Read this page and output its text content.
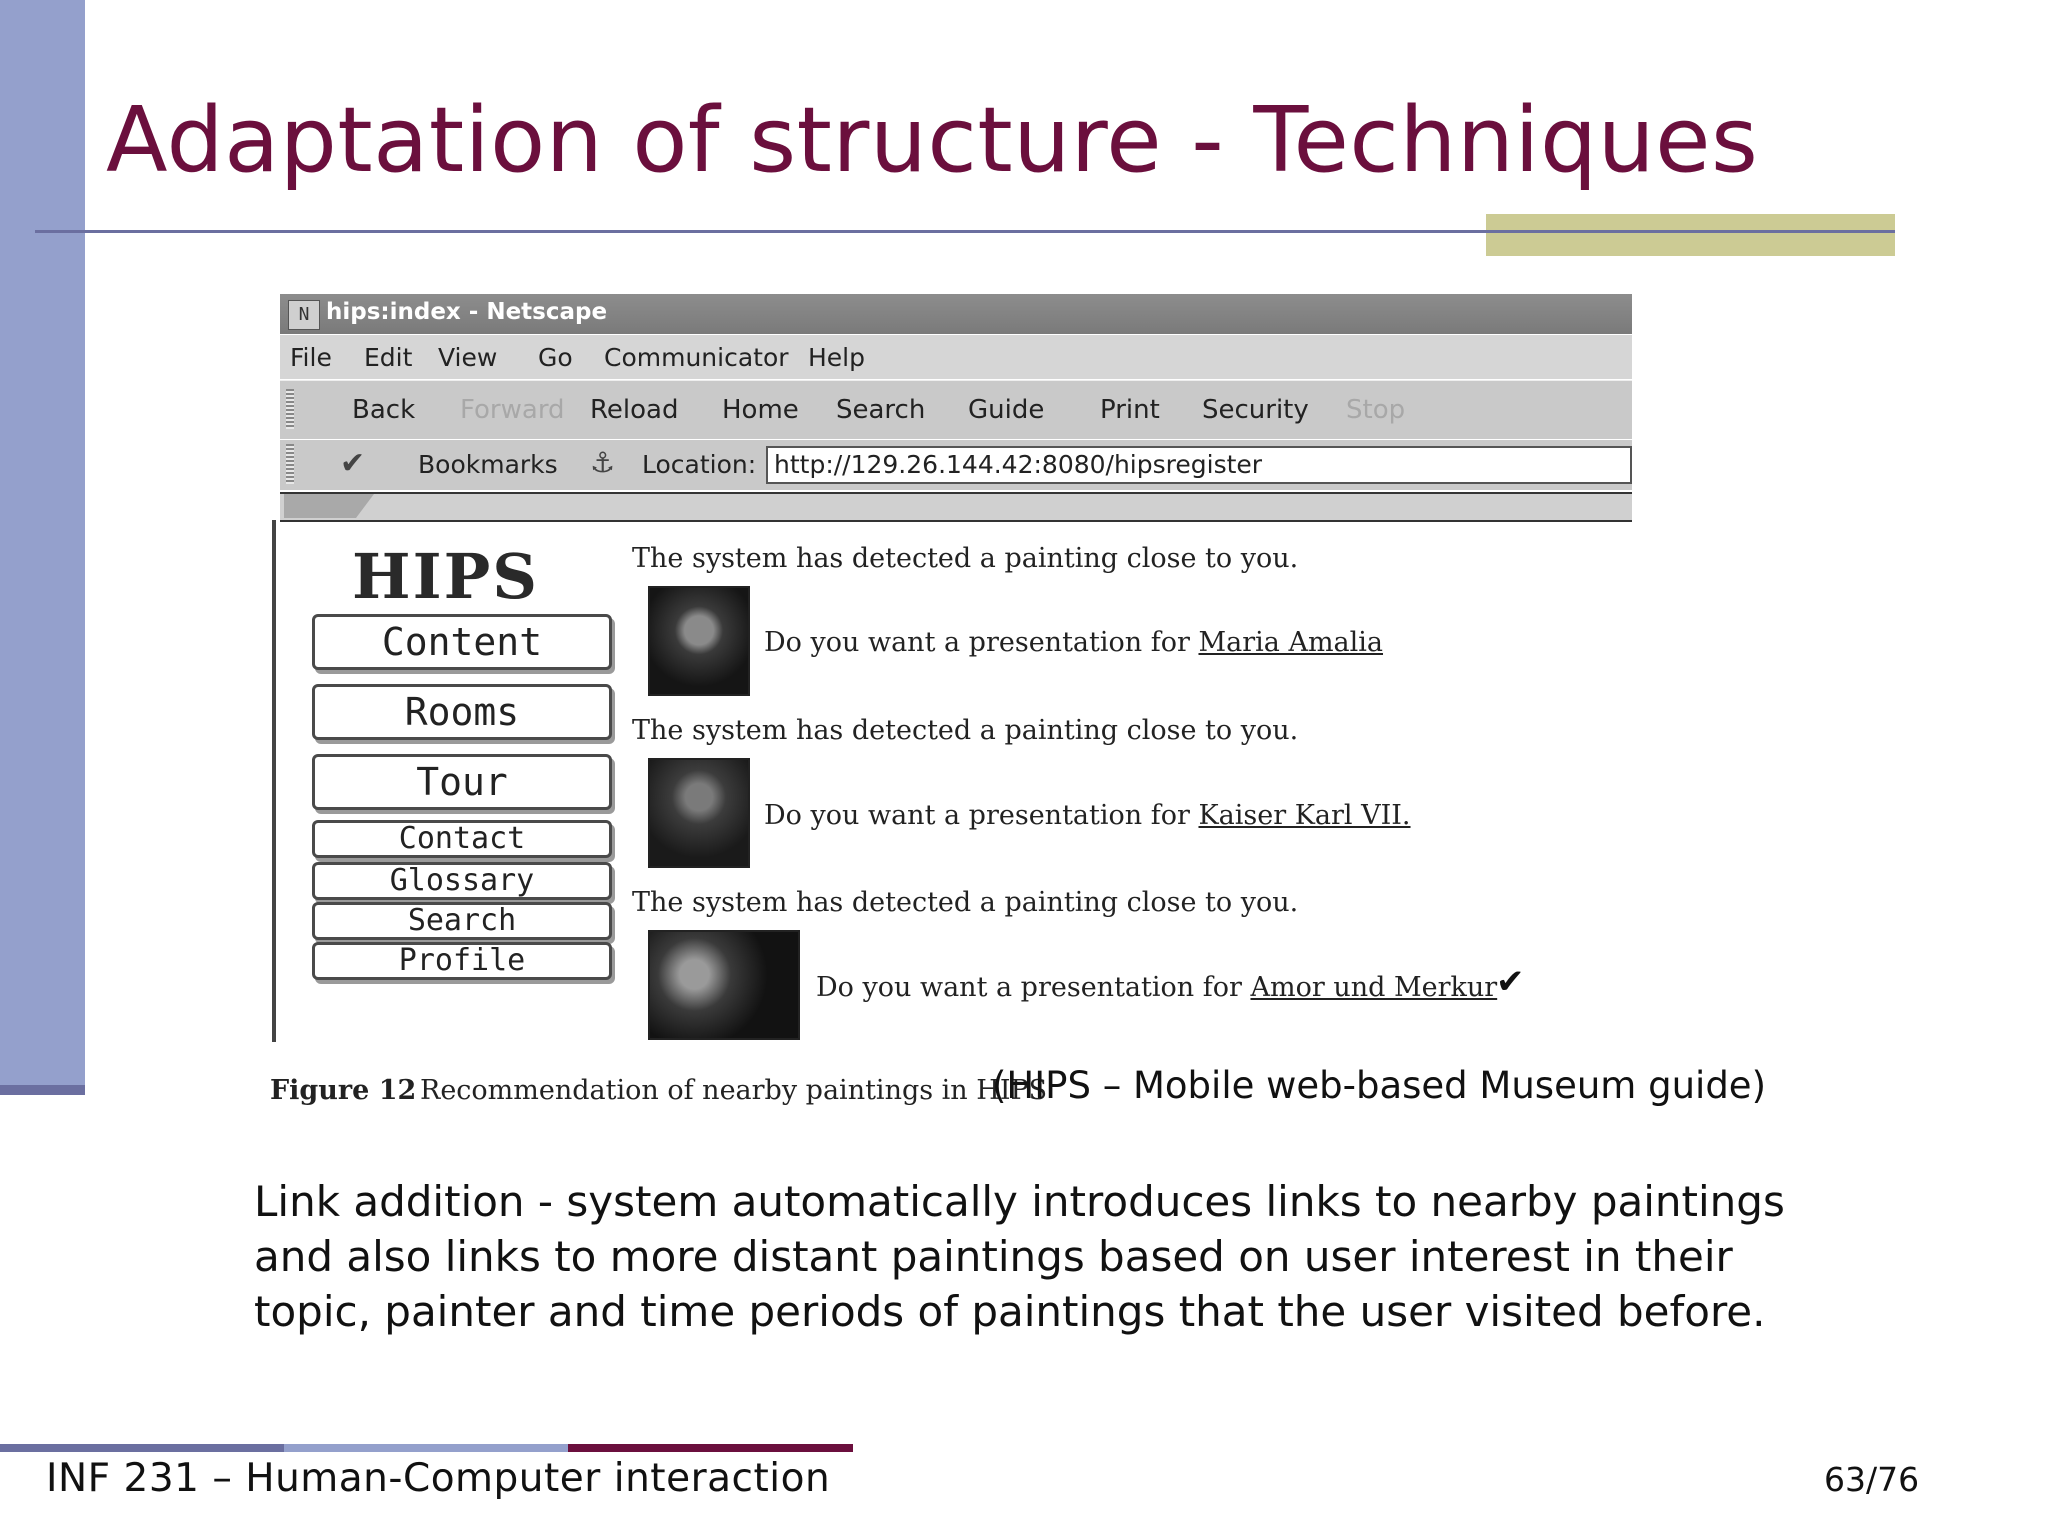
Adaptation of structure - Techniques
N hips:index - Netscape
File Edit View Go Communicator Help
Back Forward Reload Home Search Guide Print Security Stop
✔ Bookmarks ⚓ Location: http://129.26.144.42:8080/hipsregister
HIPS
Content
Rooms
Tour
Contact
Glossary
Search
Profile
The system has detected a painting close to you.
Do you want a presentation for Maria Amalia
The system has detected a painting close to you.
Do you want a presentation for Kaiser Karl VII.
The system has detected a painting close to you.
Do you want a presentation for Amor und Merkur
✔
Figure 12 Recommendation of nearby paintings in HIPS
(HIPS – Mobile web-based Museum guide)
Link addition - system automatically introduces links to nearby paintings
and also links to more distant paintings based on user interest in their
topic, painter and time periods of paintings that the user visited before.
INF 231 – Human-Computer interaction	63/76
